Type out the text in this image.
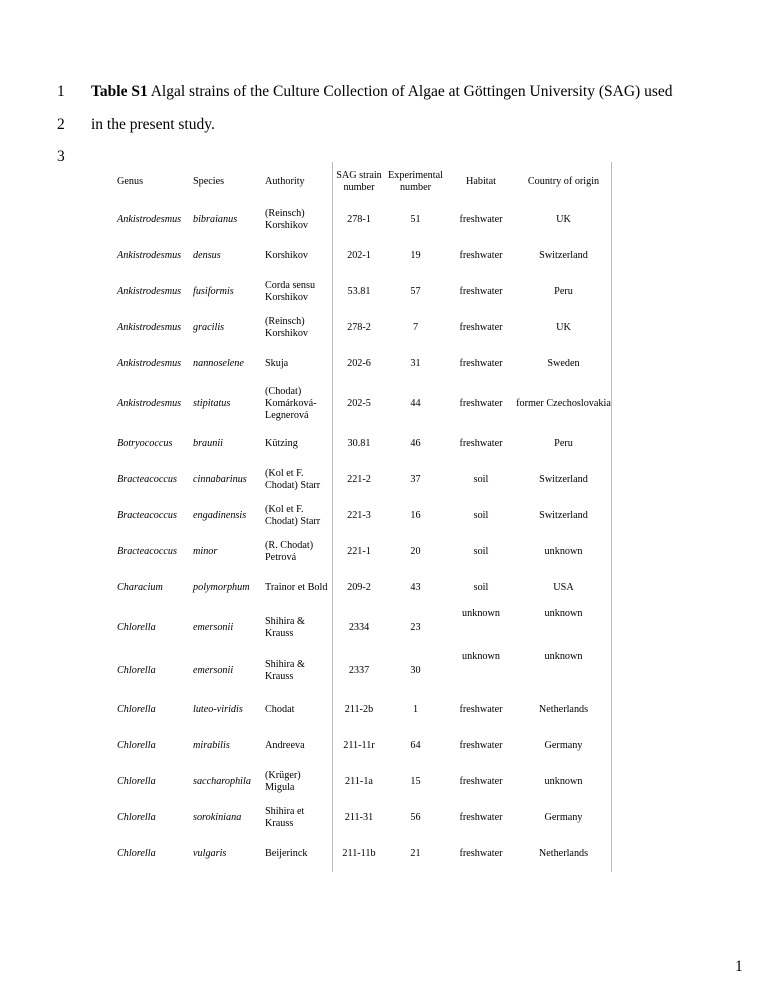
1 Table S1 Algal strains of the Culture Collection of Algae at Göttingen University (SAG) used
2 in the present study.
3
Genus	Species	Authority	SAG strain number	Experimental number	Habitat	Country of origin
Ankistrodesmus	bibraianus	(Reinsch) Korshikov	278-1	51	freshwater	UK
Ankistrodesmus	densus	Korshikov	202-1	19	freshwater	Switzerland
Ankistrodesmus	fusiformis	Corda sensu Korshikov	53.81	57	freshwater	Peru
Ankistrodesmus	gracilis	(Reinsch) Korshikov	278-2	7	freshwater	UK
Ankistrodesmus	nannoselene	Skuja	202-6	31	freshwater	Sweden
Ankistrodesmus	stipitatus	(Chodat) Komárková-Legnerová	202-5	44	freshwater	former Czechoslovakia
Botryococcus	braunii	Kützing	30.81	46	freshwater	Peru
Bracteacoccus	cinnabarinus	(Kol et F. Chodat) Starr	221-2	37	soil	Switzerland
Bracteacoccus	engadinensis	(Kol et F. Chodat) Starr	221-3	16	soil	Switzerland
Bracteacoccus	minor	(R. Chodat) Petrová	221-1	20	soil	unknown
Characium	polymorphum	Trainor et Bold	209-2	43	soil	USA
Chlorella	emersonii	Shihira & Krauss	2334	23	unknown	unknown
Chlorella	emersonii	Shihira & Krauss	2337	30	unknown	unknown
Chlorella	luteo-viridis	Chodat	211-2b	1	freshwater	Netherlands
Chlorella	mirabilis	Andreeva	211-11r	64	freshwater	Germany
Chlorella	saccharophila	(Krüger) Migula	211-1a	15	freshwater	unknown
Chlorella	sorokiniana	Shihira et Krauss	211-31	56	freshwater	Germany
Chlorella	vulgaris	Beijerinck	211-11b	21	freshwater	Netherlands
1
